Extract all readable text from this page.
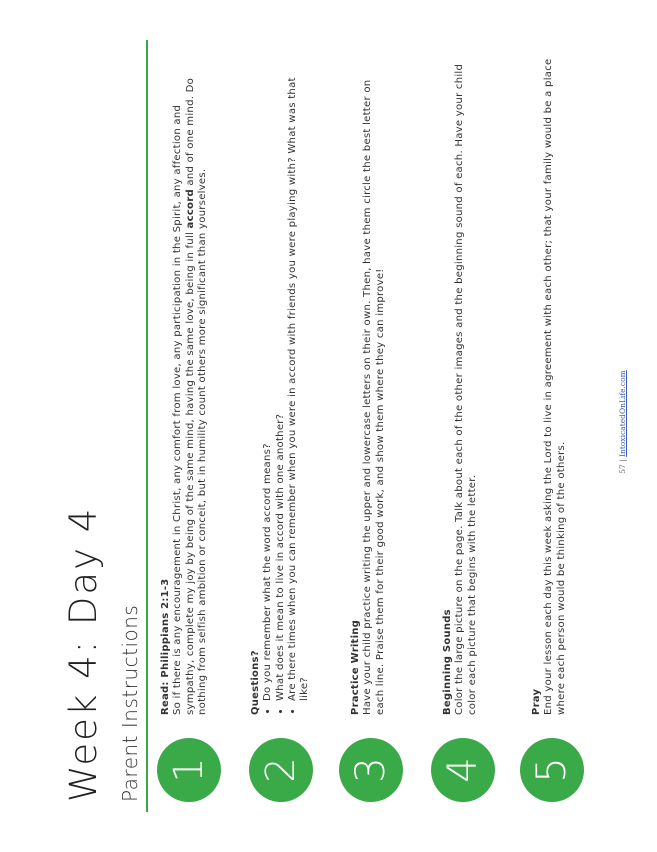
Week 4: Day 4 Parent Instructions 1

Read: Philippians 2:1-3 So if there is any encouragement in Christ, any comfort from love, any participation in the Spirit, any affection and sympathy, complete my joy by being of the same mind, having the same love, being in full accord and of one mind. Do nothing from selfish ambition or conceit, but in humility count others more significant than yourselves.

2

Questions? • Do you remember what the word accord means? • What does it mean to live in accord with one another? • Are there times when you can remember when you were in accord with friends you were playing with? What was that like?
3

Practice Writing Have your child practice writing the upper and lowercase letters on their own. Then, have them circle the best letter on each line. Praise them for their good work, and show them where they can improve!

4

Beginning Sounds Color the large picture on the page. Talk about each of the other images and the beginning sound of each. Have your child color each picture that begins with the letter.

5

Pray End your lesson each day this week asking the Lord to live in agreement with each other; that your family would be a place where each person would be thinking of the others.	57 | IntoxicatedOnLife.com
